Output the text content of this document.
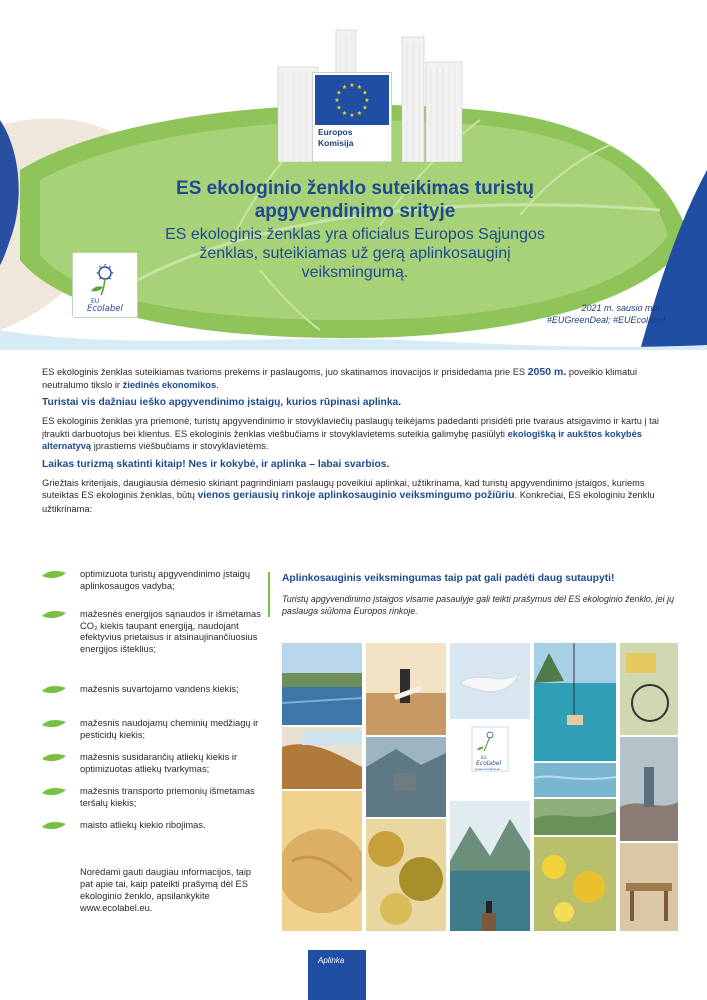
★ ★
★
★
★
★
★
★
★
★
★
★
Europos
Komisija
ES ekologinio ženklo suteikimas turistų apgyvendinimo srityje
ES ekologinis ženklas yra oficialus Europos Sąjungos ženklas, suteikiamas už gerą aplinkosauginį veiksmingumą.
★ ★
★
★
★
★
★
EU
Ecolabel	2021 m. sausio mėn.
#EUGreenDeal; #EUEcolabel

ES ekologinis ženklas suteikiamas tvarioms prekėms ir paslaugoms, juo skatinamos inovacijos ir prisidedama prie ES 2050 m. poveikio klimatui neutralumo tikslo ir žiedinės ekonomikos.

Turistai vis dažniau ieško apgyvendinimo įstaigų, kurios rūpinasi aplinka.

ES ekologinis ženklas yra priemonė, turistų apgyvendinimo ir stovyklaviečių paslaugų teikėjams padedanti prisidėti prie tvaraus atsigavimo ir kartu į tai įtraukti darbuotojus bei klientus. ES ekologinis ženklas viešbučiams ir stovyklavietėms suteikia galimybę pasiūlyti ekologišką ir aukštos kokybės alternatyvą įprastiems viešbučiams ir stovyklavietėms.

Laikas turizmą skatinti kitaip! Nes ir kokybė, ir aplinka – labai svarbios.

Griežtais kriterijais, daugiausia dėmesio skiriant pagrindiniam paslaugų poveikiui aplinkai, užtikrinama, kad turistų apgyvendinimo įstaigos, kuriems suteiktas ES ekologinis ženklas, būtų vienos geriausių rinkoje aplinkosauginio veiksmingumo požiūriu. Konkrečiai, ES ekologiniu ženklu užtikrinama:

optimizuota turistų apgyvendinimo įstaigų aplinkosaugos vadyba;
mažesnės energijos sąnaudos ir išmetamas CO₂ kiekis taupant energiją, naudojant efektyvius prietaisus ir atsinaujinančiuosius energijos išteklius;
mažesnis suvartojamo vandens kiekis;
mažesnis naudojamų cheminių medžiagų ir pesticidų kiekis;
mažesnis susidarančių atliekų kiekis ir optimizuotas atliekų tvarkymas;
mažesnis transporto priemonių išmetamas teršalų kiekis;
maisto atliekų kiekio ribojimas.
Norėdami gauti daugiau informacijos, taip pat apie tai, kaip pateikti prašymą dėl ES ekologinio ženklo, apsilankykite www.ecolabel.eu.
Aplinkosauginis veiksmingumas taip pat gali padėti daug sutaupyti!
Turistų apgyvendinimo įstaigos visame pasaulyje gali teikti prašymus dėl ES ekologinio ženklo, jei jų paslauga siūloma Europos rinkoje.
EU
Ecolabel
www.ecolabel.eu
Aplinka
